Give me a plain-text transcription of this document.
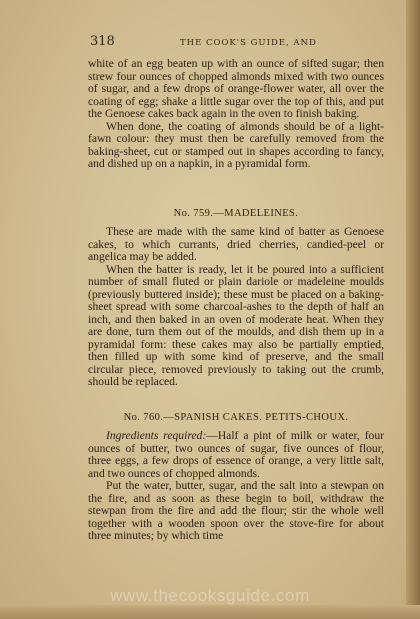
318	THE COOK'S GUIDE, AND

white of an egg beaten up with an ounce of sifted sugar; then strew four ounces of chopped almonds mixed with two ounces of sugar, and a few drops of orange-flower water, all over the coating of egg; shake a little sugar over the top of this, and put the Genoese cakes back again in the oven to finish baking.

When done, the coating of almonds should be of a light-fawn colour: they must then be carefully removed from the baking-sheet, cut or stamped out in shapes according to fancy, and dished up on a napkin, in a pyramidal form.

No. 759.—MADELEINES.

These are made with the same kind of batter as Genoese cakes, to which currants, dried cherries, candied-peel or angelica may be added.

When the batter is ready, let it be poured into a sufficient number of small fluted or plain dariole or madeleine moulds (previously buttered inside); these must be placed on a baking-sheet spread with some charcoal-ashes to the depth of half an inch, and then baked in an oven of moderate heat. When they are done, turn them out of the moulds, and dish them up in a pyramidal form: these cakes may also be partially emptied, then filled up with some kind of preserve, and the small circular piece, removed previously to taking out the crumb, should be replaced.

No. 760.—SPANISH CAKES. PETITS-CHOUX.

Ingredients required:—Half a pint of milk or water, four ounces of butter, two ounces of sugar, five ounces of flour, three eggs, a few drops of essence of orange, a very little salt, and two ounces of chopped almonds.

Put the water, butter, sugar, and the salt into a stewpan on the fire, and as soon as these begin to boil, withdraw the stewpan from the fire and add the flour; stir the whole well together with a wooden spoon over the stove-fire for about three minutes; by which time

www.thecooksguide.com
